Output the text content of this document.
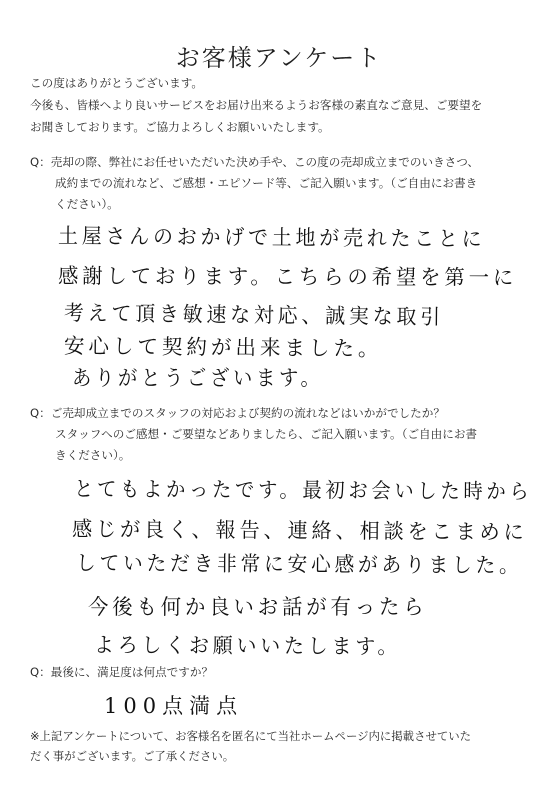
お客様アンケート
この度はありがとうございます。
今後も、皆様へより良いサービスをお届け出来るようお客様の素直なご意見、ご要望を
お聞きしております。ご協力よろしくお願いいたします。
Q：売却の際、弊社にお任せいただいた決め手や、この度の売却成立までのいきさつ、
成約までの流れなど、ご感想・エピソード等、ご記入願います。（ご自由にお書き
ください）。
土屋さんのおかげで土地が売れたことに
感謝しております。こちらの希望を第一に
考えて頂き敏速な対応、誠実な取引
安心して契約が出来ました。
ありがとうございます。
Q：ご売却成立までのスタッフの対応および契約の流れなどはいかがでしたか？
スタッフへのご感想・ご要望などありましたら、ご記入願います。（ご自由にお書
きください）。
とてもよかったです。最初お会いした時から
感じが良く、報告、連絡、相談をこまめに
していただき非常に安心感がありました。
今後も何か良いお話が有ったら
よろしくお願いいたします。
Q：最後に、満足度は何点ですか？
100点満点
※上記アンケートについて、お客様名を匿名にて当社ホームページ内に掲載させていた
だく事がございます。ご了承ください。
